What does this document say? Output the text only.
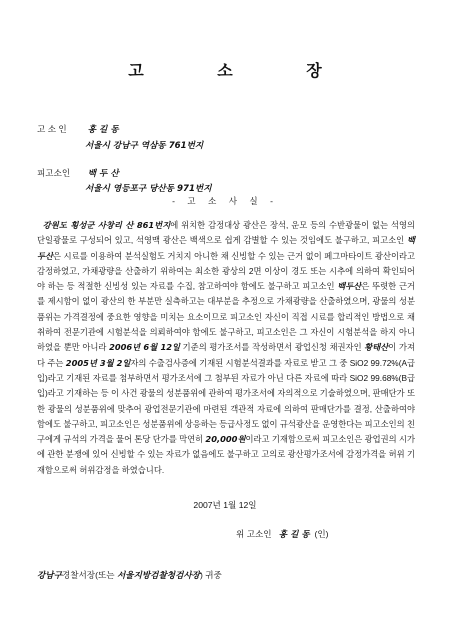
고 소 장
고 소 인 홍 길 동
서울시 강남구 역삼동 761번지
피고소인 백 두 산
서울시 영등포구 당산동 971번지
- 고 소 사 실 -
강원도 횡성군 사창리 산 861번지에 위치한 감정대상 광산은 장석, 운모 등의 수반광물이 없는 석영의 단일광물로 구성되어 있고, 석영맥 광산은 백색으로 쉽게 감별할 수 있는 것임에도 불구하고, 피고소인 백두산은 시료를 이용하여 분석실험도 거치지 아니한 채 신빙할 수 있는 근거 없이 페그마타이트 광산이라고 감정하였고, 가채광량을 산출하기 위하여는 최소한 광상의 2면 이상이 경도 또는 시추에 의하여 확인되어야 하는 등 적절한 신빙성 있는 자료를 수집, 참고하여야 함에도 불구하고 피고소인 백두산은 뚜렷한 근거를 제시함이 없이 광산의 한 부분만 실측하고는 대부분을 추정으로 가채광량을 산출하였으며, 광물의 성분품위는 가격결정에 중요한 영향을 미치는 요소이므로 피고소인 자신이 직접 시료를 합리적인 방법으로 채취하여 전문기관에 시험분석을 의뢰하여야 함에도 불구하고, 피고소인은 그 자신이 시험분석을 하지 아니하였을 뿐만 아니라 2006년 6월 12일 기준의 평가조서를 작성하면서 광업신청 채권자인 황태산이 가져다 주는 2005년 3월 2일자의 수출검사증에 기재된 시험분석결과를 자료로 받고 그 중 SiO2 99.72%(A급입)라고 기재된 자료를 첨부하면서 평가조서에 그 첨부된 자료가 아닌 다른 자료에 따라 SiO2 99.68%(B급입)라고 기재하는 등 이 사건 광물의 성분품위에 관하여 평가조서에 자의적으로 기술하였으며, 판매단가 또한 광물의 성분품위에 맞추어 광업전문기관에 마련된 객관적 자료에 의하여 판매단가를 결정, 산출하여야 함에도 불구하고, 피고소인은 성분품위에 상응하는 등급사정도 없이 규석광산을 운영한다는 피고소인의 친구에게 규석의 가격을 물어 톤당 단가를 막연히 20,000원이라고 기재함으로써 피고소인은 광업권의 시가에 관한 분쟁에 있어 신빙할 수 있는 자료가 없음에도 불구하고 고의로 광산평가조서에 감정가격을 허위 기재함으로써 허위감정을 하였습니다.
2007년 1월 12일
위 고소인 홍 길 동 (인)
강남구경찰서장(또는 서울지방검찰청검사장) 귀중
